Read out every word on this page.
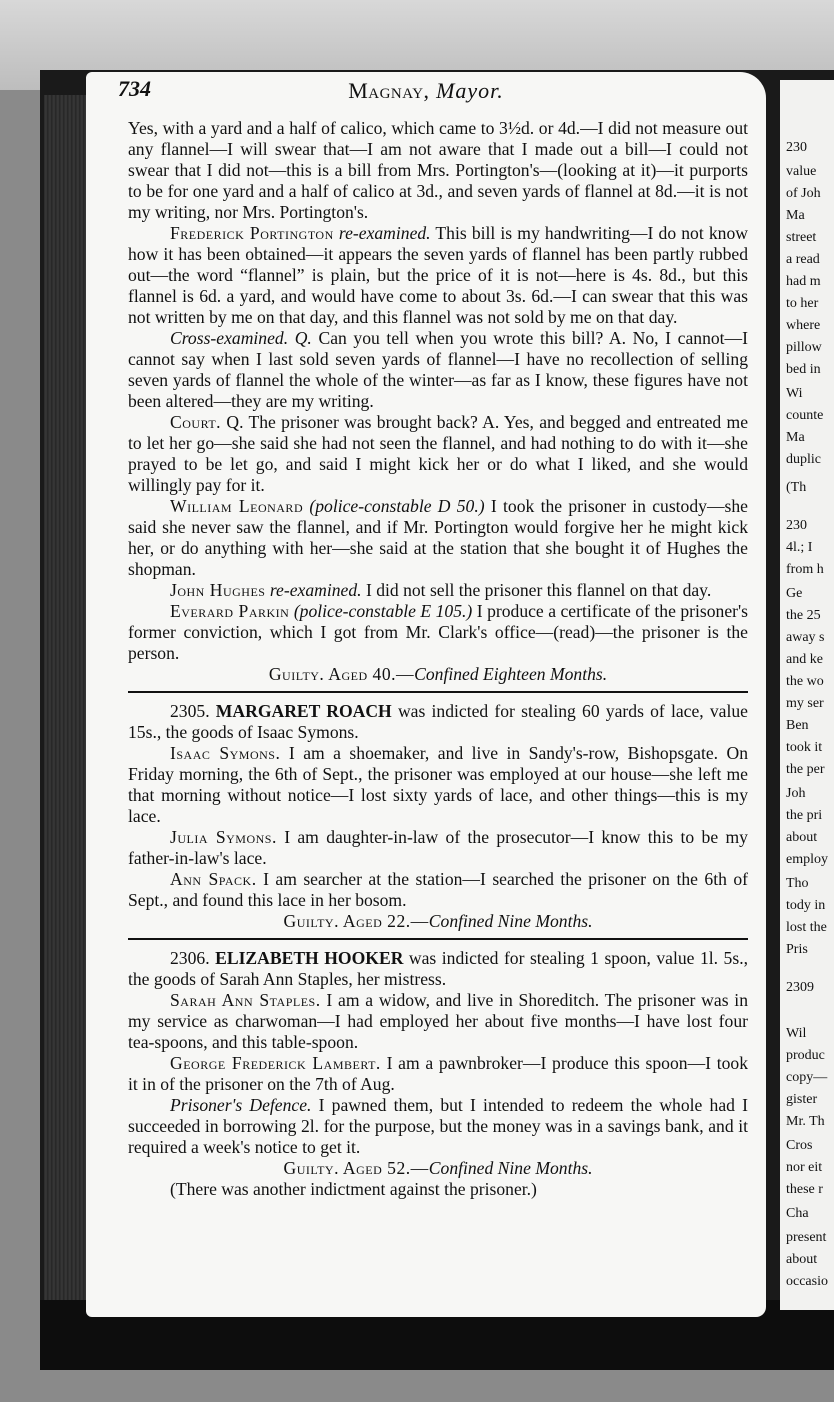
734	Magnay, Mayor.

Yes, with a yard and a half of calico, which came to 3½d. or 4d.—I did not measure out any flannel—I will swear that—I am not aware that I made out a bill—I could not swear that I did not—this is a bill from Mrs. Portington's—(looking at it)—it purports to be for one yard and a half of calico at 3d., and seven yards of flannel at 8d.—it is not my writing, nor Mrs. Portington's.

Frederick Portington re-examined. This bill is my handwriting—I do not know how it has been obtained—it appears the seven yards of flannel has been partly rubbed out—the word “flannel” is plain, but the price of it is not—here is 4s. 8d., but this flannel is 6d. a yard, and would have come to about 3s. 6d.—I can swear that this was not written by me on that day, and this flannel was not sold by me on that day.

Cross-examined. Q. Can you tell when you wrote this bill? A. No, I cannot—I cannot say when I last sold seven yards of flannel—I have no recollection of selling seven yards of flannel the whole of the winter—as far as I know, these figures have not been altered—they are my writing.

Court. Q. The prisoner was brought back? A. Yes, and begged and entreated me to let her go—she said she had not seen the flannel, and had nothing to do with it—she prayed to be let go, and said I might kick her or do what I liked, and she would willingly pay for it.

William Leonard (police-constable D 50.) I took the prisoner in custody—she said she never saw the flannel, and if Mr. Portington would forgive her he might kick her, or do anything with her—she said at the station that she bought it of Hughes the shopman.

John Hughes re-examined. I did not sell the prisoner this flannel on that day.

Everard Parkin (police-constable E 105.) I produce a certificate of the prisoner's former conviction, which I got from Mr. Clark's office—(read)—the prisoner is the person.

Guilty. Aged 40.—Confined Eighteen Months.

2305. MARGARET ROACH was indicted for stealing 60 yards of lace, value 15s., the goods of Isaac Symons.

Isaac Symons. I am a shoemaker, and live in Sandy's-row, Bishopsgate. On Friday morning, the 6th of Sept., the prisoner was employed at our house—she left me that morning without notice—I lost sixty yards of lace, and other things—this is my lace.

Julia Symons. I am daughter-in-law of the prosecutor—I know this to be my father-in-law's lace.

Ann Spack. I am searcher at the station—I searched the prisoner on the 6th of Sept., and found this lace in her bosom.

Guilty. Aged 22.—Confined Nine Months.

2306. ELIZABETH HOOKER was indicted for stealing 1 spoon, value 1l. 5s., the goods of Sarah Ann Staples, her mistress.

Sarah Ann Staples. I am a widow, and live in Shoreditch. The prisoner was in my service as charwoman—I had employed her about five months—I have lost four tea-spoons, and this table-spoon.

George Frederick Lambert. I am a pawnbroker—I produce this spoon—I took it in of the prisoner on the 7th of Aug.

Prisoner's Defence. I pawned them, but I intended to redeem the whole had I succeeded in borrowing 2l. for the purpose, but the money was in a savings bank, and it required a week's notice to get it.

Guilty. Aged 52.—Confined Nine Months.

(There was another indictment against the prisoner.)

230
value
of Joh
Ma
street
a read
had m
to her
where
pillow
bed in
Wi
counte
Ma
duplic
(Th
230
4l.; I
from h
Ge
the 25
away s
and ke
the wo
my ser
Ben
took it
the per
Joh
the pri
about
employ
Tho
tody in
lost the
Pris
2309
Wil
produc
copy—
gister
Mr. Th
Cros
nor eit
these r
Cha
present
about
occasio
